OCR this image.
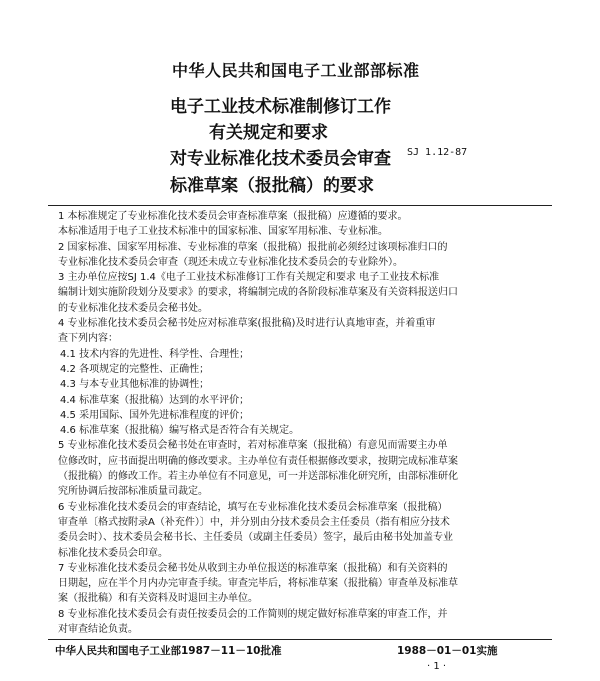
中华人民共和国电子工业部部标准
电子工业技术标准制修订工作
有关规定和要求
对专业标准化技术委员会审查
标准草案（报批稿）的要求
SJ 1.12-87
1 本标准规定了专业标准化技术委员会审查标准草案（报批稿）应遵循的要求。
本标准适用于电子工业技术标准中的国家标准、国家军用标准、专业标准。
2 国家标准、国家军用标准、专业标准的草案（报批稿）报批前必须经过该项标准归口的
专业标准化技术委员会审查（现还未成立专业标准化技术委员会的专业除外）。
3 主办单位应按SJ 1.4《电子工业技术标准修订工作有关规定和要求 电子工业技术标准
编制计划实施阶段划分及要求》的要求，将编制完成的各阶段标准草案及有关资料报送归口
的专业标准化技术委员会秘书处。
4 专业标准化技术委员会秘书处应对标准草案(报批稿)及时进行认真地审查，并着重审
查下列内容：
4.1 技术内容的先进性、科学性、合理性；
4.2 各项规定的完整性、正确性；
4.3 与本专业其他标准的协调性；
4.4 标准草案（报批稿）达到的水平评价；
4.5 采用国际、国外先进标准程度的评价；
4.6 标准草案（报批稿）编写格式是否符合有关规定。
5 专业标准化技术委员会秘书处在审查时，若对标准草案（报批稿）有意见而需要主办单
位修改时，应书面提出明确的修改要求。主办单位有责任根据修改要求，按期完成标准草案
（报批稿）的修改工作。若主办单位有不同意见，可一并送部标准化研究所，由部标准研化
究所协调后按部标准质量司裁定。
6 专业标准化技术委员会的审查结论，填写在专业标准化技术委员会标准草案（报批稿）
审查单〔格式按附录A（补充件）〕中，并分别由分技术委员会主任委员（指有相应分技术
委员会时）、技术委员会秘书长、主任委员（或副主任委员）签字，最后由秘书处加盖专业
标准化技术委员会印章。
7 专业标准化技术委员会秘书处从收到主办单位报送的标准草案（报批稿）和有关资料的
日期起，应在半个月内办完审查手续。审查完毕后，将标准草案（报批稿）审查单及标准草
案（报批稿）和有关资料及时退回主办单位。
8 专业标准化技术委员会有责任按委员会的工作简则的规定做好标准草案的审查工作，并
对审查结论负责。
中华人民共和国电子工业部1987－11－10批准	1988－01－01实施
· 1 ·
